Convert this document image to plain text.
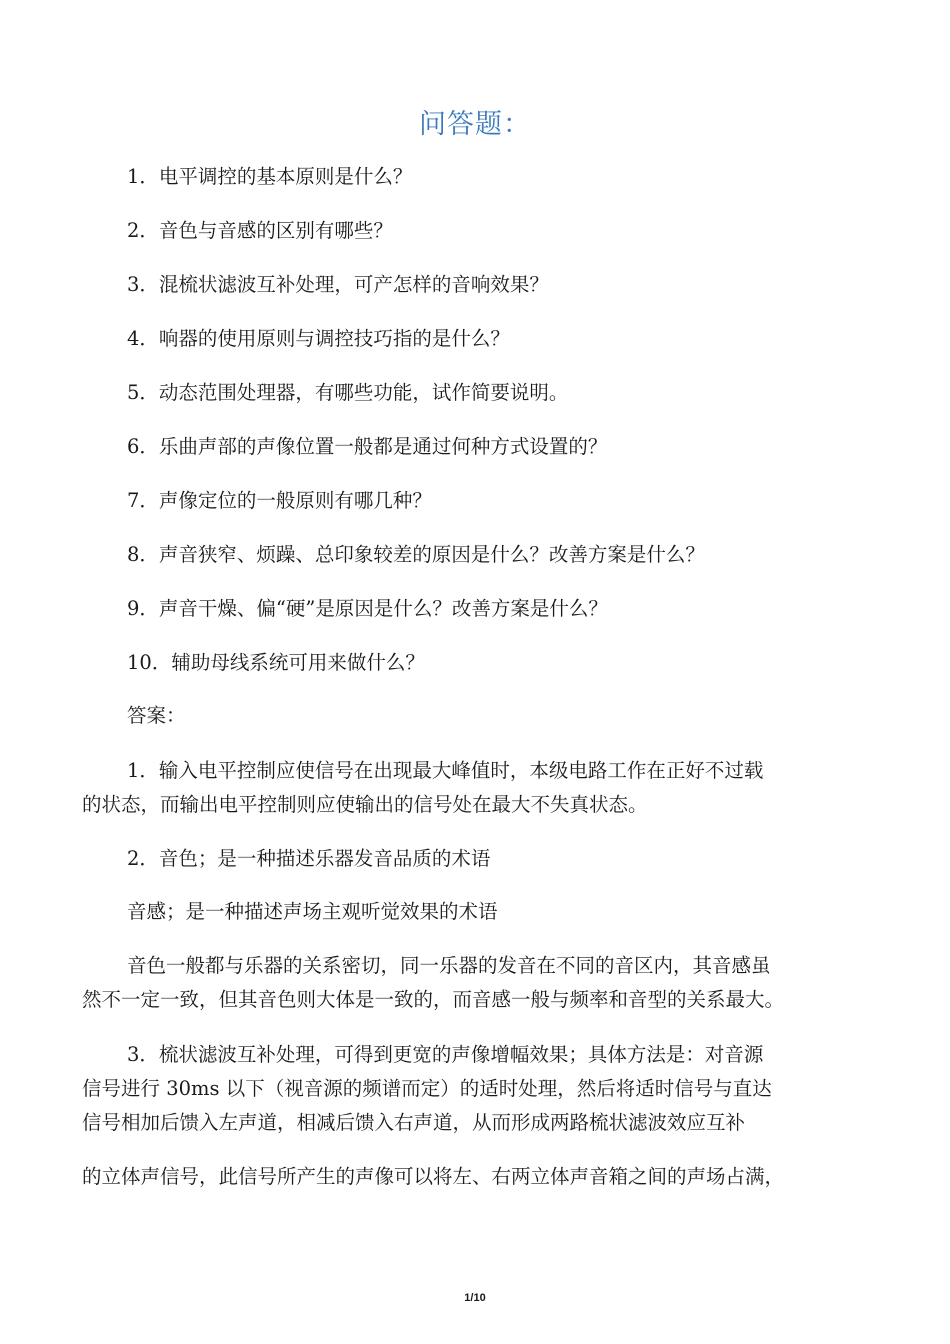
问答题：
1．电平调控的基本原则是什么？
2．音色与音感的区别有哪些？
3．混梳状滤波互补处理，可产怎样的音响效果？
4．响器的使用原则与调控技巧指的是什么？
5．动态范围处理器，有哪些功能，试作简要说明。
6．乐曲声部的声像位置一般都是通过何种方式设置的？
7．声像定位的一般原则有哪几种？
8．声音狭窄、烦躁、总印象较差的原因是什么？改善方案是什么？
9．声音干燥、偏“硬”是原因是什么？改善方案是什么？
10．辅助母线系统可用来做什么？
答案：
1．输入电平控制应使信号在出现最大峰值时，本级电路工作在正好不过载
的状态，而输出电平控制则应使输出的信号处在最大不失真状态。
2．音色；是一种描述乐器发音品质的术语
音感；是一种描述声场主观听觉效果的术语
音色一般都与乐器的关系密切，同一乐器的发音在不同的音区内，其音感虽
然不一定一致，但其音色则大体是一致的，而音感一般与频率和音型的关系最大。
3．梳状滤波互补处理，可得到更宽的声像增幅效果；具体方法是：对音源
信号进行 30ms 以下（视音源的频谱而定）的适时处理，然后将适时信号与直达
信号相加后馈入左声道，相减后馈入右声道，从而形成两路梳状滤波效应互补
的立体声信号，此信号所产生的声像可以将左、右两立体声音箱之间的声场占满，
1/10
